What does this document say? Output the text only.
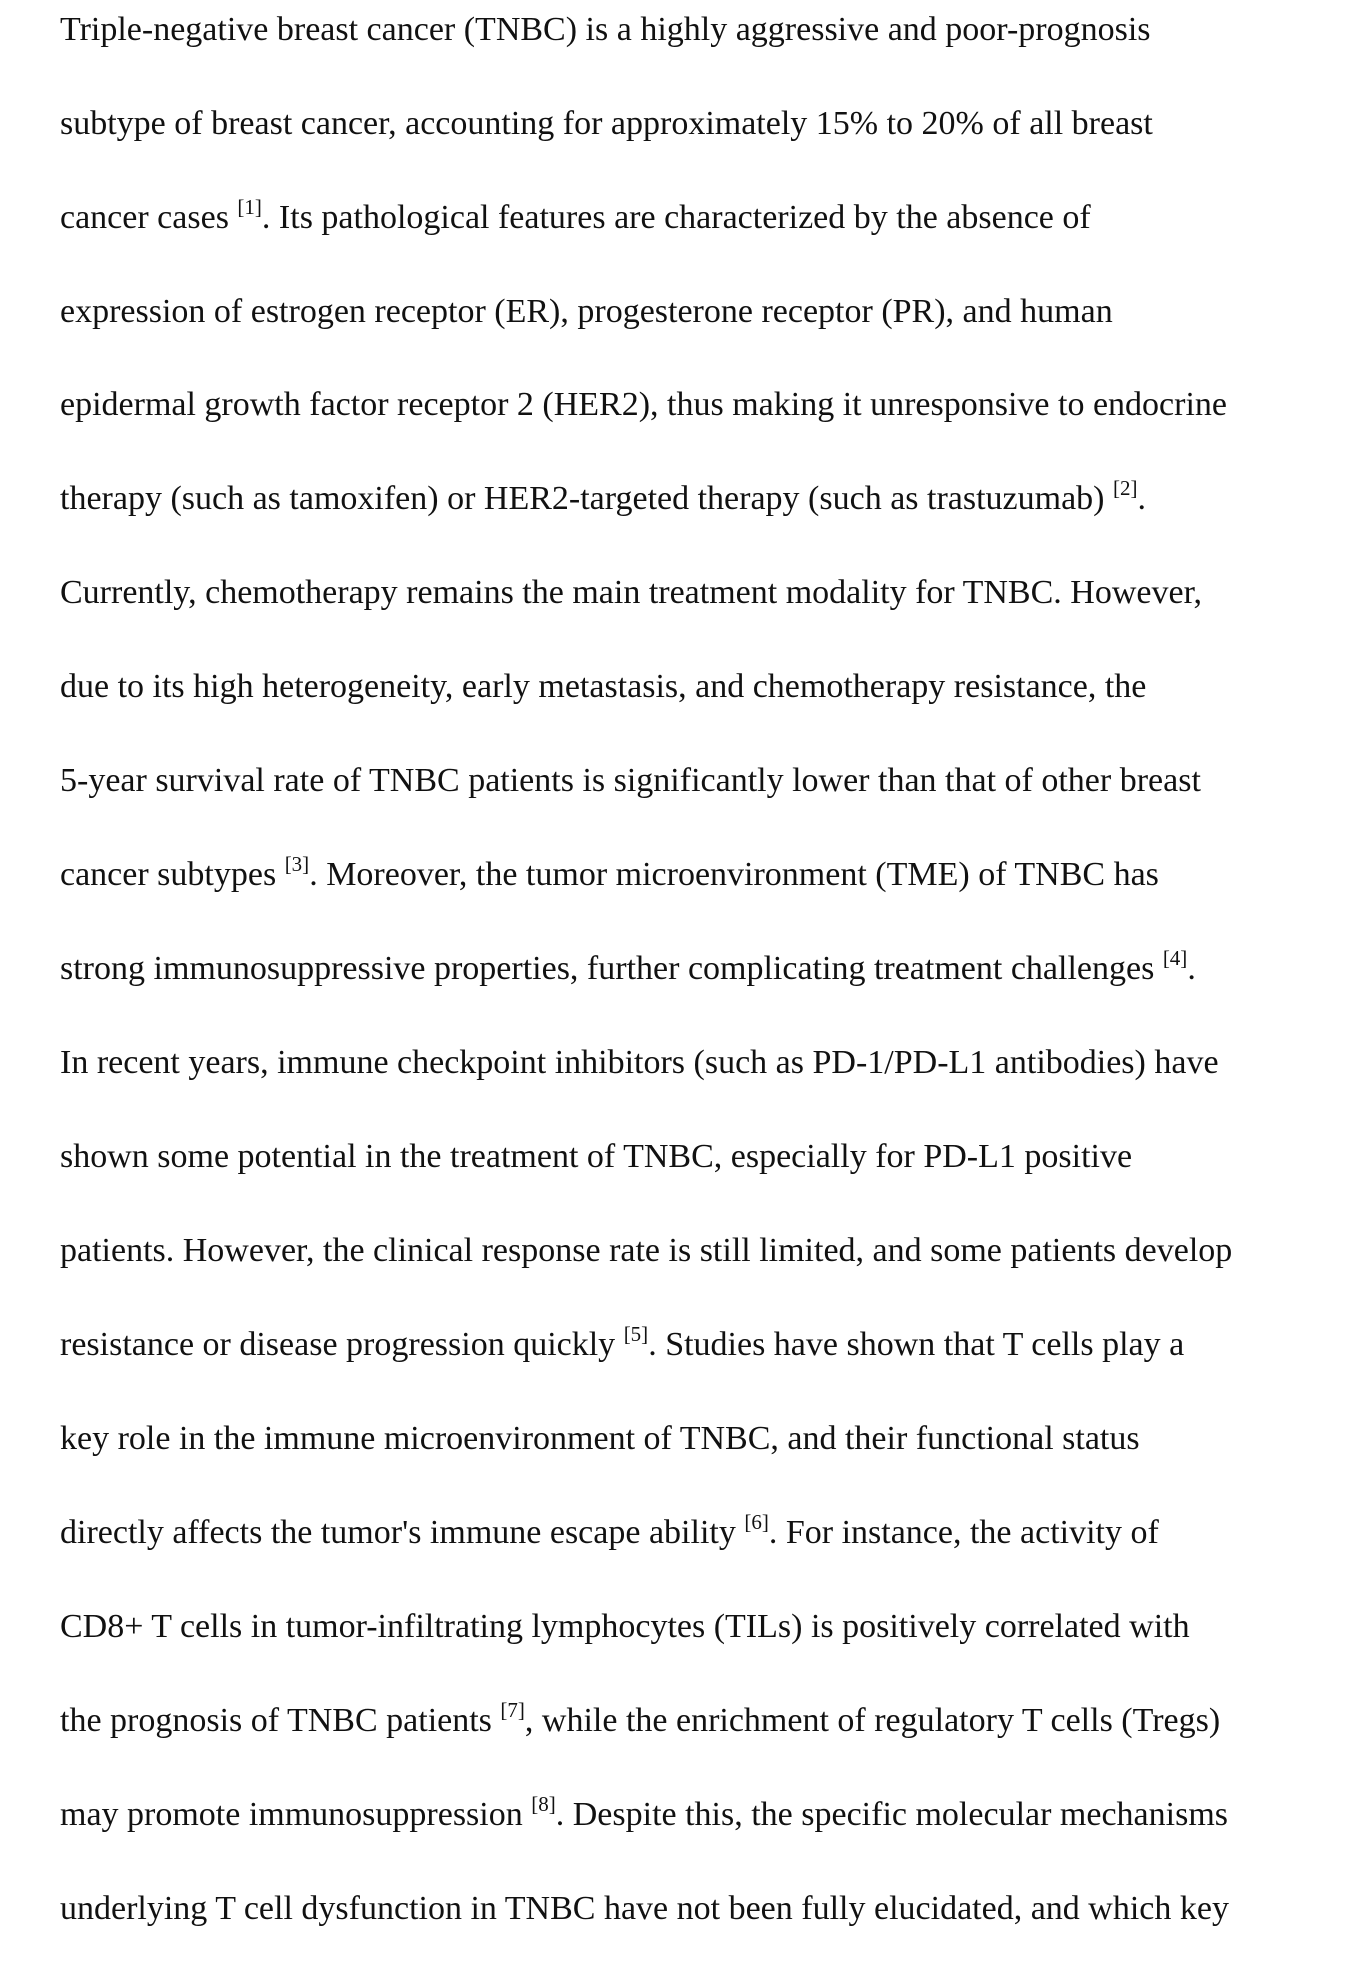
Triple-negative breast cancer (TNBC) is a highly aggressive and poor-prognosis
subtype of breast cancer, accounting for approximately 15% to 20% of all breast
cancer cases [1]. Its pathological features are characterized by the absence of
expression of estrogen receptor (ER), progesterone receptor (PR), and human
epidermal growth factor receptor 2 (HER2), thus making it unresponsive to endocrine
therapy (such as tamoxifen) or HER2-targeted therapy (such as trastuzumab) [2].
Currently, chemotherapy remains the main treatment modality for TNBC. However,
due to its high heterogeneity, early metastasis, and chemotherapy resistance, the
5-year survival rate of TNBC patients is significantly lower than that of other breast
cancer subtypes [3]. Moreover, the tumor microenvironment (TME) of TNBC has
strong immunosuppressive properties, further complicating treatment challenges [4].
In recent years, immune checkpoint inhibitors (such as PD-1/PD-L1 antibodies) have
shown some potential in the treatment of TNBC, especially for PD-L1 positive
patients. However, the clinical response rate is still limited, and some patients develop
resistance or disease progression quickly [5]. Studies have shown that T cells play a
key role in the immune microenvironment of TNBC, and their functional status
directly affects the tumor's immune escape ability [6]. For instance, the activity of
CD8+ T cells in tumor-infiltrating lymphocytes (TILs) is positively correlated with
the prognosis of TNBC patients [7], while the enrichment of regulatory T cells (Tregs)
may promote immunosuppression [8]. Despite this, the specific molecular mechanisms
underlying T cell dysfunction in TNBC have not been fully elucidated, and which key
